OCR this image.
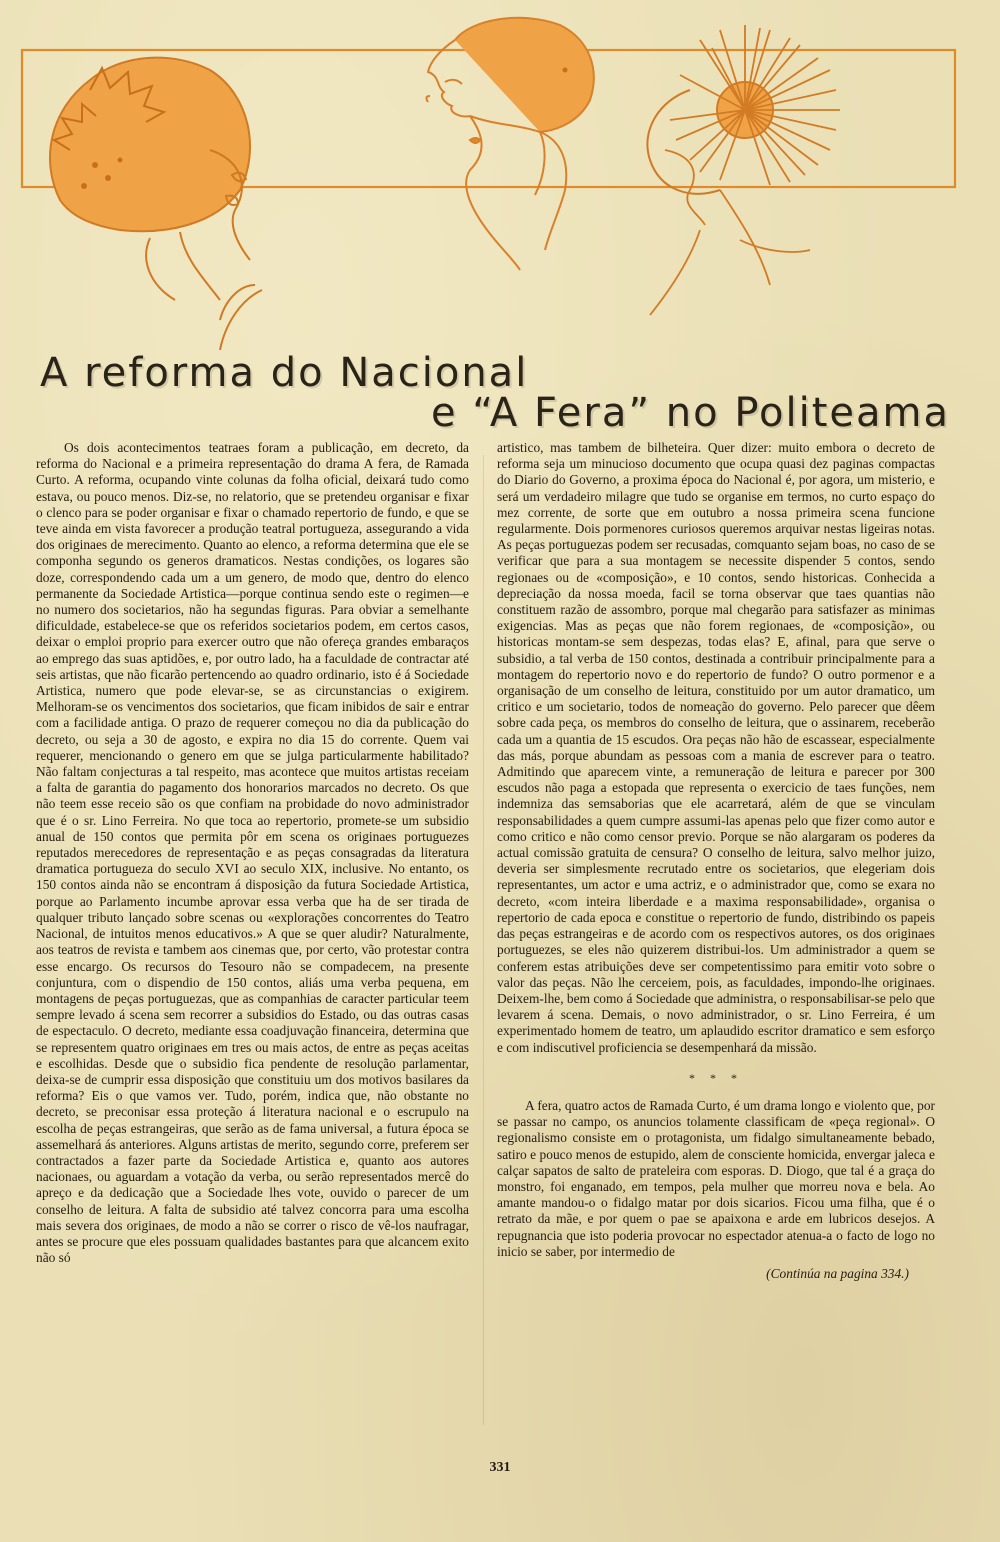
A reforma do Nacional
e “A Fera” no Politeama

Os dois acontecimentos teatraes foram a publicação, em decreto, da reforma do Nacional e a primeira representação do drama A fera, de Ramada Curto. A reforma, ocupando vinte colunas da folha oficial, deixará tudo como estava, ou pouco menos. Diz-se, no relatorio, que se pretendeu organisar e fixar o clenco para se poder organisar e fixar o chamado repertorio de fundo, e que se teve ainda em vista favorecer a produção teatral portugueza, assegurando a vida dos originaes de merecimento. Quanto ao elenco, a reforma determina que ele se componha segundo os generos dramaticos. Nestas condições, os logares são doze, correspondendo cada um a um genero, de modo que, dentro do elenco permanente da Sociedade Artistica—porque continua sendo este o regimen—e no numero dos societarios, não ha segundas figuras. Para obviar a semelhante dificuldade, estabelece-se que os referidos societarios podem, em certos casos, deixar o emploi proprio para exercer outro que não ofereça grandes embaraços ao emprego das suas aptidões, e, por outro lado, ha a faculdade de contractar até seis artistas, que não ficarão pertencendo ao quadro ordinario, isto é á Sociedade Artistica, numero que pode elevar-se, se as circunstancias o exigirem. Melhoram-se os vencimentos dos societarios, que ficam inibidos de sair e entrar com a facilidade antiga. O prazo de requerer começou no dia da publicação do decreto, ou seja a 30 de agosto, e expira no dia 15 do corrente. Quem vai requerer, mencionando o genero em que se julga particularmente habilitado? Não faltam conjecturas a tal respeito, mas acontece que muitos artistas receiam a falta de garantia do pagamento dos honorarios marcados no decreto. Os que não teem esse receio são os que confiam na probidade do novo administrador que é o sr. Lino Ferreira. No que toca ao repertorio, promete-se um subsidio anual de 150 contos que permita pôr em scena os originaes portuguezes reputados merecedores de representação e as peças consagradas da literatura dramatica portugueza do seculo XVI ao seculo XIX, inclusive. No entanto, os 150 contos ainda não se encontram á disposição da futura Sociedade Artistica, porque ao Parlamento incumbe aprovar essa verba que ha de ser tirada de qualquer tributo lançado sobre scenas ou «explorações concorrentes do Teatro Nacional, de intuitos menos educativos.» A que se quer aludir? Naturalmente, aos teatros de revista e tambem aos cinemas que, por certo, vão protestar contra esse encargo. Os recursos do Tesouro não se compadecem, na presente conjuntura, com o dispendio de 150 contos, aliás uma verba pequena, em montagens de peças portuguezas, que as companhias de caracter particular teem sempre levado á scena sem recorrer a subsidios do Estado, ou das outras casas de espectaculo. O decreto, mediante essa coadjuvação financeira, determina que se representem quatro originaes em tres ou mais actos, de entre as peças aceitas e escolhidas. Desde que o subsidio fica pendente de resolução parlamentar, deixa-se de cumprir essa disposição que constituiu um dos motivos basilares da reforma? Eis o que vamos ver. Tudo, porém, indica que, não obstante no decreto, se preconisar essa proteção á literatura nacional e o escrupulo na escolha de peças estrangeiras, que serão as de fama universal, a futura época se assemelhará ás anteriores. Alguns artistas de merito, segundo corre, preferem ser contractados a fazer parte da Sociedade Artistica e, quanto aos autores nacionaes, ou aguardam a votação da verba, ou serão representados mercê do apreço e da dedicação que a Sociedade lhes vote, ouvido o parecer de um conselho de leitura. A falta de subsidio até talvez concorra para uma escolha mais severa dos originaes, de modo a não se correr o risco de vê-los naufragar, antes se procure que eles possuam qualidades bastantes para que alcancem exito não só

artistico, mas tambem de bilheteira. Quer dizer: muito embora o decreto de reforma seja um minucioso documento que ocupa quasi dez paginas compactas do Diario do Governo, a proxima época do Nacional é, por agora, um misterio, e será um verdadeiro milagre que tudo se organise em termos, no curto espaço do mez corrente, de sorte que em outubro a nossa primeira scena funcione regularmente. Dois pormenores curiosos queremos arquivar nestas ligeiras notas. As peças portuguezas podem ser recusadas, comquanto sejam boas, no caso de se verificar que para a sua montagem se necessite dispender 5 contos, sendo regionaes ou de «composição», e 10 contos, sendo historicas. Conhecida a depreciação da nossa moeda, facil se torna observar que taes quantias não constituem razão de assombro, porque mal chegarão para satisfazer as minimas exigencias. Mas as peças que não forem regionaes, de «composição», ou historicas montam-se sem despezas, todas elas? E, afinal, para que serve o subsidio, a tal verba de 150 contos, destinada a contribuir principalmente para a montagem do repertorio novo e do repertorio de fundo? O outro pormenor e a organisação de um conselho de leitura, constituido por um autor dramatico, um critico e um societario, todos de nomeação do governo. Pelo parecer que dêem sobre cada peça, os membros do conselho de leitura, que o assinarem, receberão cada um a quantia de 15 escudos. Ora peças não hão de escassear, especialmente das más, porque abundam as pessoas com a mania de escrever para o teatro. Admitindo que aparecem vinte, a remuneração de leitura e parecer por 300 escudos não paga a estopada que representa o exercicio de taes funções, nem indemniza das semsaborias que ele acarretará, além de que se vinculam responsabilidades a quem cumpre assumi-las apenas pelo que fizer como autor e como critico e não como censor previo. Porque se não alargaram os poderes da actual comissão gratuita de censura? O conselho de leitura, salvo melhor juizo, deveria ser simplesmente recrutado entre os societarios, que elegeriam dois representantes, um actor e uma actriz, e o administrador que, como se exara no decreto, «com inteira liberdade e a maxima responsabilidade», organisa o repertorio de cada epoca e constitue o repertorio de fundo, distribindo os papeis das peças estrangeiras e de acordo com os respectivos autores, os dos originaes portuguezes, se eles não quizerem distribui-los. Um administrador a quem se conferem estas atribuições deve ser competentissimo para emitir voto sobre o valor das peças. Não lhe cerceiem, pois, as faculdades, impondo-lhe originaes. Deixem-lhe, bem como á Sociedade que administra, o responsabilisar-se pelo que levarem á scena. Demais, o novo administrador, o sr. Lino Ferreira, é um experimentado homem de teatro, um aplaudido escritor dramatico e sem esforço e com indiscutivel proficiencia se desempenhará da missão.

* * *

A fera, quatro actos de Ramada Curto, é um drama longo e violento que, por se passar no campo, os anuncios tolamente classificam de «peça regional». O regionalismo consiste em o protagonista, um fidalgo simultaneamente bebado, satiro e pouco menos de estupido, alem de consciente homicida, envergar jaleca e calçar sapatos de salto de prateleira com esporas. D. Diogo, que tal é a graça do monstro, foi enganado, em tempos, pela mulher que morreu nova e bela. Ao amante mandou-o o fidalgo matar por dois sicarios. Ficou uma filha, que é o retrato da mãe, e por quem o pae se apaixona e arde em lubricos desejos. A repugnancia que isto poderia provocar no espectador atenua-a o facto de logo no inicio se saber, por intermedio de

(Continúa na pagina 334.)
331
